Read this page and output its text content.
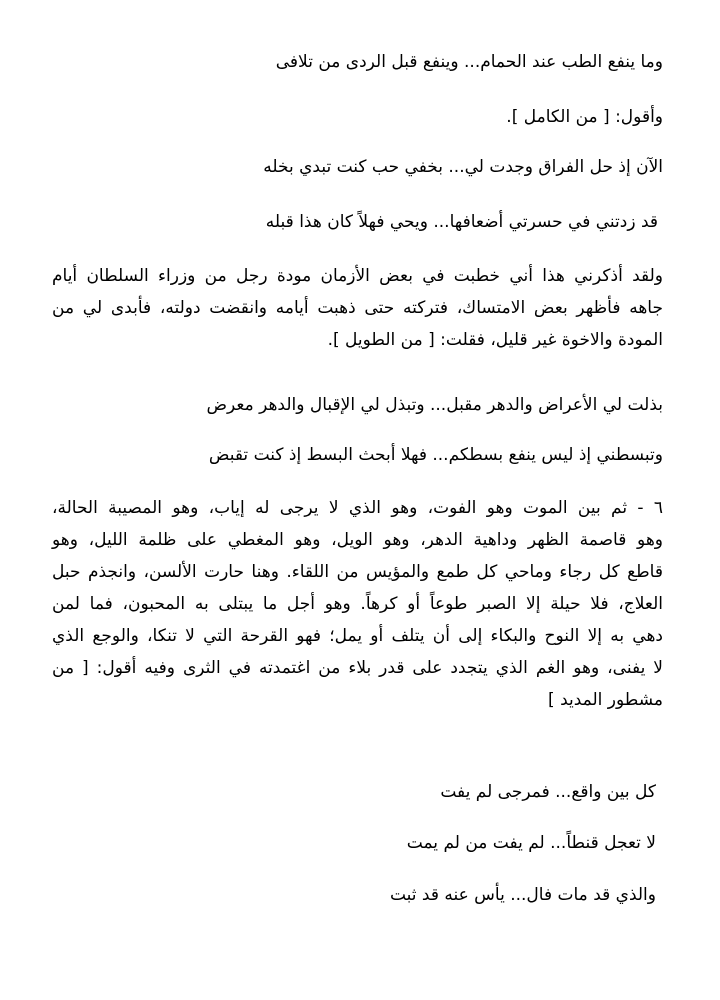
وما ينفع الطب عند الحمام... وينفع قبل الردى من تلافى
وأقول: [ من الكامل ].
الآن إذ حل الفراق وجدت لي... بخفي حب كنت تبدي بخله
قد زدتني في حسرتي أضعافها... ويحي فهلاً كان هذا قبله
ولقد أذكرني هذا أني خطبت في بعض الأزمان مودة رجل من وزراء السلطان أيام
جاهه فأظهر بعض الامتساك، فتركته حتى ذهبت أيامه وانقضت دولته، فأبدى لي من
المودة والاخوة غير قليل، فقلت: [ من الطويل ].
بذلت لي الأعراض والدهر مقبل... وتبذل لي الإقبال والدهر معرض
وتبسطني إذ ليس ينفع بسطكم... فهلا أبحث البسط إذ كنت تقبض
٦ - ثم بين الموت وهو الفوت، وهو الذي لا يرجى له إياب، وهو المصيبة الحالة،
وهو قاصمة الظهر وداهية الدهر، وهو الويل، وهو المغطي على ظلمة الليل، وهو
قاطع كل رجاء وماحي كل طمع والمؤيس من اللقاء. وهنا حارت الألسن، وانجذم حبل
العلاج، فلا حيلة إلا الصبر طوعاً أو كرهاً. وهو أجل ما يبتلى به المحبون، فما لمن
دهي به إلا النوح والبكاء إلى أن يتلف أو يمل؛ فهو القرحة التي لا تنكا، والوجع الذي
لا يفنى، وهو الغم الذي يتجدد على قدر بلاء من اغتمدته في الثرى وفيه أقول: [ من
مشطور المديد ]
كل بين واقع... فمرجى لم يفت
لا تعجل قنطاً... لم يفت من لم يمت
والذي قد مات فال... يأس عنه قد ثبت
